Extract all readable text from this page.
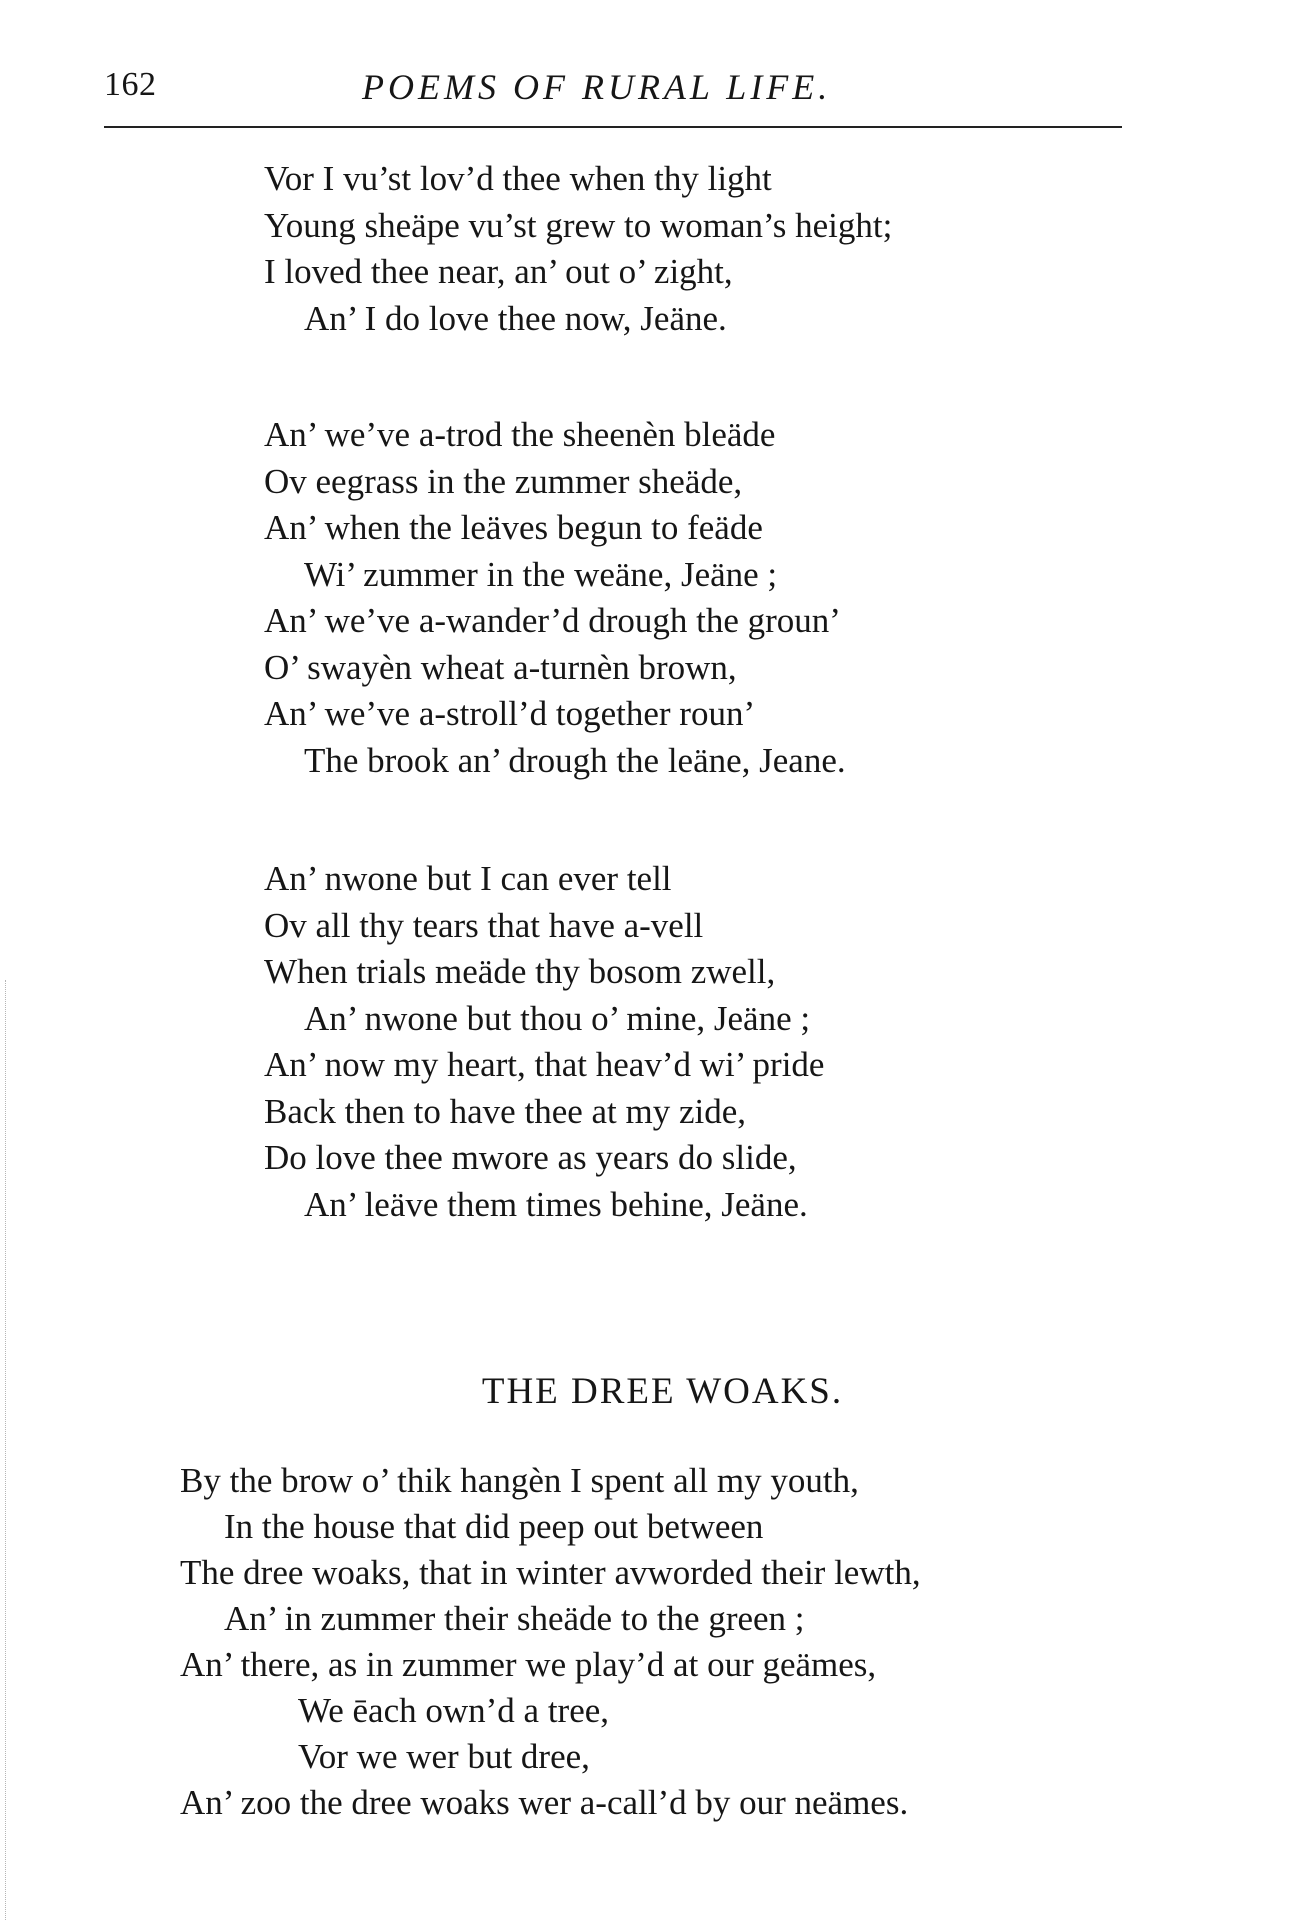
162	POEMS OF RURAL LIFE.
Vor I vu’st lov’d thee when thy light
Young sheäpe vu’st grew to woman’s height;
I loved thee near, an’ out o’ zight,
An’ I do love thee now, Jeäne.
An’ we’ve a-trod the sheenèn bleäde
Ov eegrass in the zummer sheäde,
An’ when the leäves begun to feäde
Wi’ zummer in the weäne, Jeäne ;
An’ we’ve a-wander’d drough the groun’
O’ swayèn wheat a-turnèn brown,
An’ we’ve a-stroll’d together roun’
The brook an’ drough the leäne, Jeane.
An’ nwone but I can ever tell
Ov all thy tears that have a-vell
When trials meäde thy bosom zwell,
An’ nwone but thou o’ mine, Jeäne ;
An’ now my heart, that heav’d wi’ pride
Back then to have thee at my zide,
Do love thee mwore as years do slide,
An’ leäve them times behine, Jeäne.
THE DREE WOAKS.
By the brow o’ thik hangèn I spent all my youth,
In the house that did peep out between
The dree woaks, that in winter avworded their lewth,
An’ in zummer their sheäde to the green ;
An’ there, as in zummer we play’d at our geämes,
We ēach own’d a tree,
Vor we wer but dree,
An’ zoo the dree woaks wer a-call’d by our neämes.
